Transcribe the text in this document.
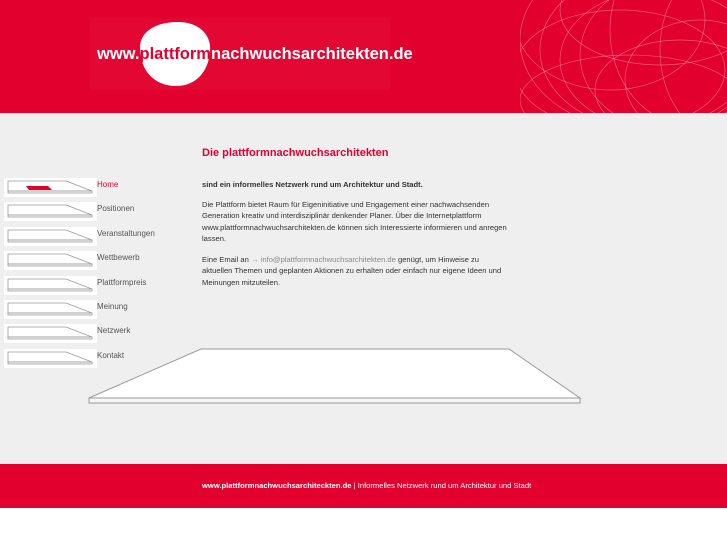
www.plattformnachwuchsarchitekten.de
Home
Positionen
Veranstaltungen
Wettbewerb
Plattformpreis
Meinung
Netzwerk
Kontakt
Die plattformnachwuchsarchitekten
sind ein informelles Netzwerk rund um Architektur und Stadt.
Die Plattform bietet Raum für Eigeninitiative und Engagement einer nachwachsenden Generation kreativ und interdisziplinär denkender Planer. Über die Internetplattform www.plattformnachwuchsarchitekten.de können sich Interessierte informieren und anregen lassen.
Eine Email an → info@plattformnachwuchsarchitekten.de genügt, um Hinweise zu aktuellen Themen und geplanten Aktionen zu erhalten oder einfach nur eigene Ideen und Meinungen mitzuteilen.
www.plattformnachwuchsarchiteckten.de | Informelles Netzwerk rund um Architektur und Stadt
